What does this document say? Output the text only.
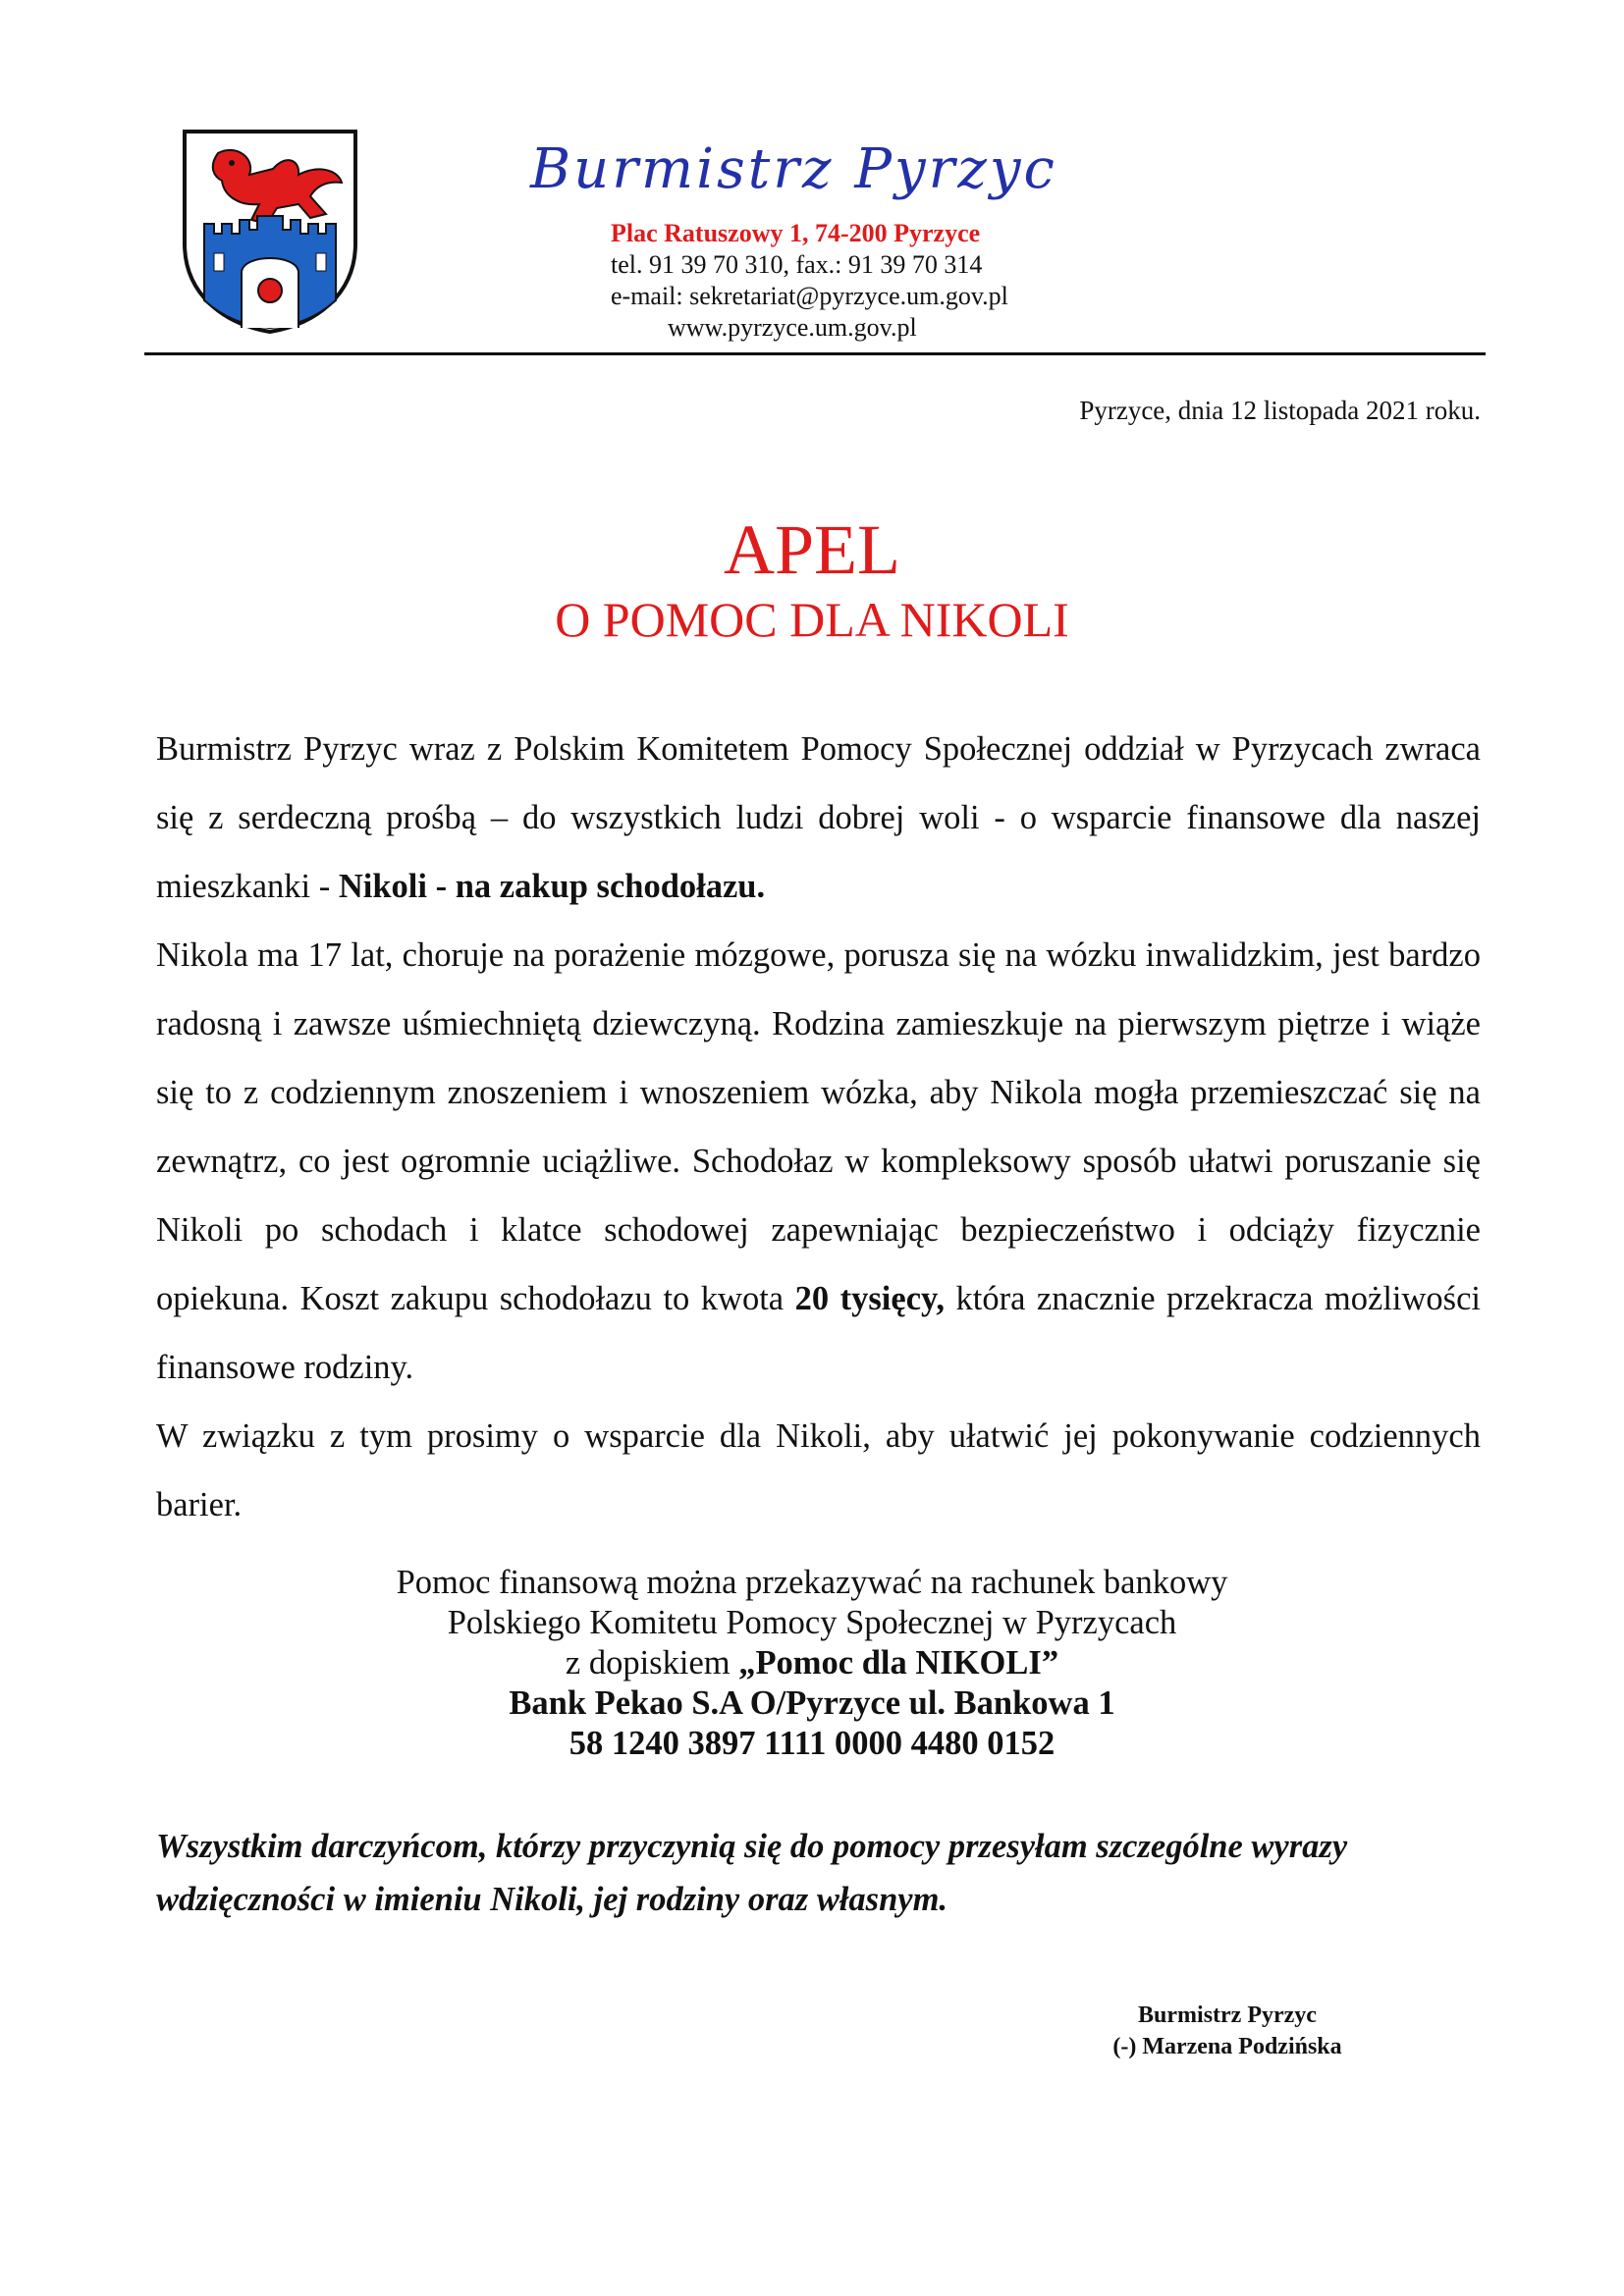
Burmistrz Pyrzyc
Plac Ratuszowy 1, 74-200 Pyrzyce
tel. 91 39 70 310, fax.: 91 39 70 314
e-mail: sekretariat@pyrzyce.um.gov.pl
www.pyrzyce.um.gov.pl
Pyrzyce, dnia 12 listopada 2021 roku.
APEL
O POMOC DLA NIKOLI

Burmistrz Pyrzyc wraz z Polskim Komitetem Pomocy Społecznej oddział w Pyrzycach zwraca się z serdeczną prośbą – do wszystkich ludzi dobrej woli - o wsparcie finansowe dla naszej mieszkanki - Nikoli - na zakup schodołazu.

Nikola ma 17 lat, choruje na porażenie mózgowe, porusza się na wózku inwalidzkim, jest bardzo radosną i zawsze uśmiechniętą dziewczyną. Rodzina zamieszkuje na pierwszym piętrze i wiąże się to z codziennym znoszeniem i wnoszeniem wózka, aby Nikola mogła przemieszczać się na zewnątrz, co jest ogromnie uciążliwe. Schodołaz w kompleksowy sposób ułatwi poruszanie się Nikoli po schodach i klatce schodowej zapewniając bezpieczeństwo i odciąży fizycznie opiekuna. Koszt zakupu schodołazu to kwota 20 tysięcy, która znacznie przekracza możliwości finansowe rodziny.

W związku z tym prosimy o wsparcie dla Nikoli, aby ułatwić jej pokonywanie codziennych barier.

Pomoc finansową można przekazywać na rachunek bankowy
Polskiego Komitetu Pomocy Społecznej w Pyrzycach
z dopiskiem „Pomoc dla NIKOLI”
Bank Pekao S.A O/Pyrzyce ul. Bankowa 1
58 1240 3897 1111 0000 4480 0152
Wszystkim darczyńcom, którzy przyczynią się do pomocy przesyłam szczególne wyrazy wdzięczności w imieniu Nikoli, jej rodziny oraz własnym.
Burmistrz Pyrzyc
(-) Marzena Podzińska
